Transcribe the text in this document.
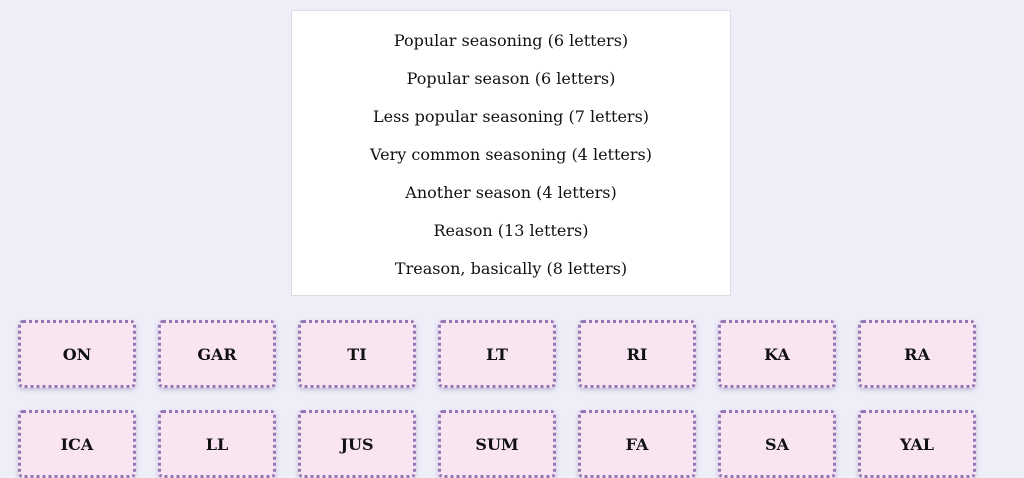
Popular seasoning (6 letters)
Popular season (6 letters)
Less popular seasoning (7 letters)
Very common seasoning (4 letters)
Another season (4 letters)
Reason (13 letters)
Treason, basically (8 letters)
ON	GAR	TI	LT	RI	KA	RA
ICA	LL	JUS	SUM	FA	SA	YAL
